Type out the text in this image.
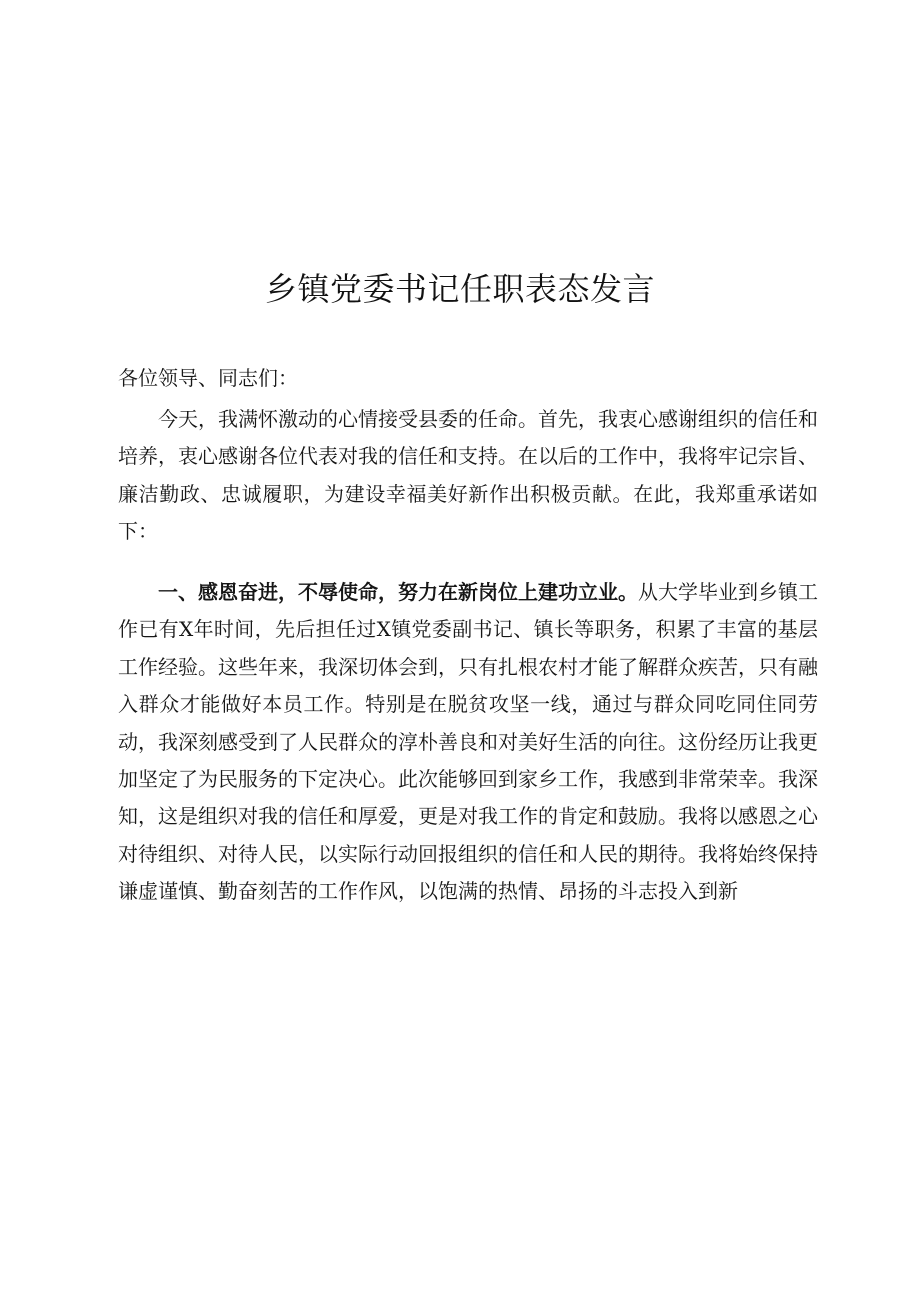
乡镇党委书记任职表态发言
各位领导、同志们：

今天，我满怀激动的心情接受县委的任命。首先，我衷心感谢组织的信任和培养，衷心感谢各位代表对我的信任和支持。在以后的工作中，我将牢记宗旨、廉洁勤政、忠诚履职，为建设幸福美好新作出积极贡献。在此，我郑重承诺如下：

一、感恩奋进，不辱使命，努力在新岗位上建功立业。从大学毕业到乡镇工作已有X年时间，先后担任过X镇党委副书记、镇长等职务，积累了丰富的基层工作经验。这些年来，我深切体会到，只有扎根农村才能了解群众疾苦，只有融入群众才能做好本员工作。特别是在脱贫攻坚一线，通过与群众同吃同住同劳动，我深刻感受到了人民群众的淳朴善良和对美好生活的向往。这份经历让我更加坚定了为民服务的下定决心。此次能够回到家乡工作，我感到非常荣幸。我深知，这是组织对我的信任和厚爱，更是对我工作的肯定和鼓励。我将以感恩之心对待组织、对待人民，以实际行动回报组织的信任和人民的期待。我将始终保持谦虚谨慎、勤奋刻苦的工作作风，以饱满的热情、昂扬的斗志投入到新
